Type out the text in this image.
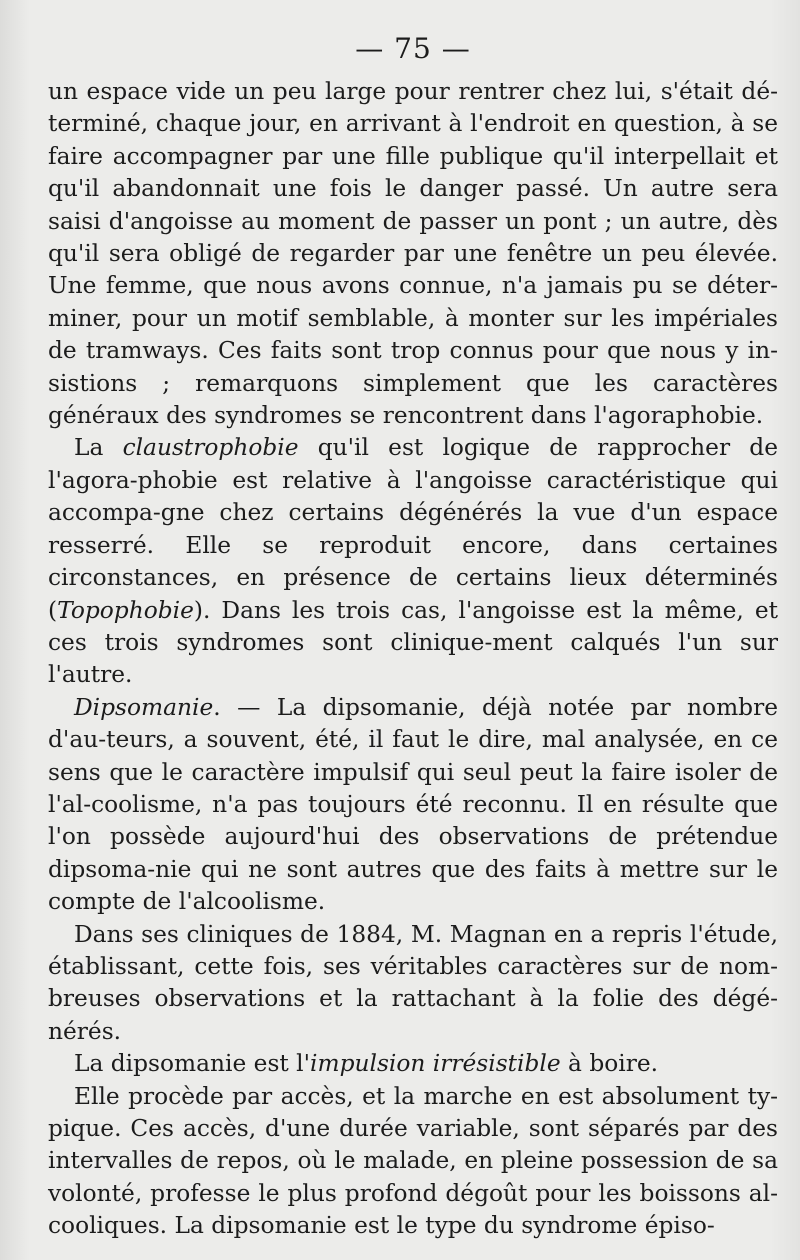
— 75 —

un espace vide un peu large pour rentrer chez lui, s'était dé-terminé, chaque jour, en arrivant à l'endroit en question, à se faire accompagner par une fille publique qu'il interpellait et qu'il abandonnait une fois le danger passé. Un autre sera saisi d'angoisse au moment de passer un pont ; un autre, dès qu'il sera obligé de regarder par une fenêtre un peu élevée. Une femme, que nous avons connue, n'a jamais pu se déter-miner, pour un motif semblable, à monter sur les impériales de tramways. Ces faits sont trop connus pour que nous y in-sistions ; remarquons simplement que les caractères généraux des syndromes se rencontrent dans l'agoraphobie.

La claustrophobie qu'il est logique de rapprocher de l'agora-phobie est relative à l'angoisse caractéristique qui accompa-gne chez certains dégénérés la vue d'un espace resserré. Elle se reproduit encore, dans certaines circonstances, en présence de certains lieux déterminés (Topophobie). Dans les trois cas, l'angoisse est la même, et ces trois syndromes sont clinique-ment calqués l'un sur l'autre.

Dipsomanie. — La dipsomanie, déjà notée par nombre d'au-teurs, a souvent, été, il faut le dire, mal analysée, en ce sens que le caractère impulsif qui seul peut la faire isoler de l'al-coolisme, n'a pas toujours été reconnu. Il en résulte que l'on possède aujourd'hui des observations de prétendue dipsoma-nie qui ne sont autres que des faits à mettre sur le compte de l'alcoolisme.

Dans ses cliniques de 1884, M. Magnan en a repris l'étude, établissant, cette fois, ses véritables caractères sur de nom-breuses observations et la rattachant à la folie des dégé-nérés.

La dipsomanie est l'impulsion irrésistible à boire.

Elle procède par accès, et la marche en est absolument ty-pique. Ces accès, d'une durée variable, sont séparés par des intervalles de repos, où le malade, en pleine possession de sa volonté, professe le plus profond dégoût pour les boissons al-cooliques. La dipsomanie est le type du syndrome épiso-
